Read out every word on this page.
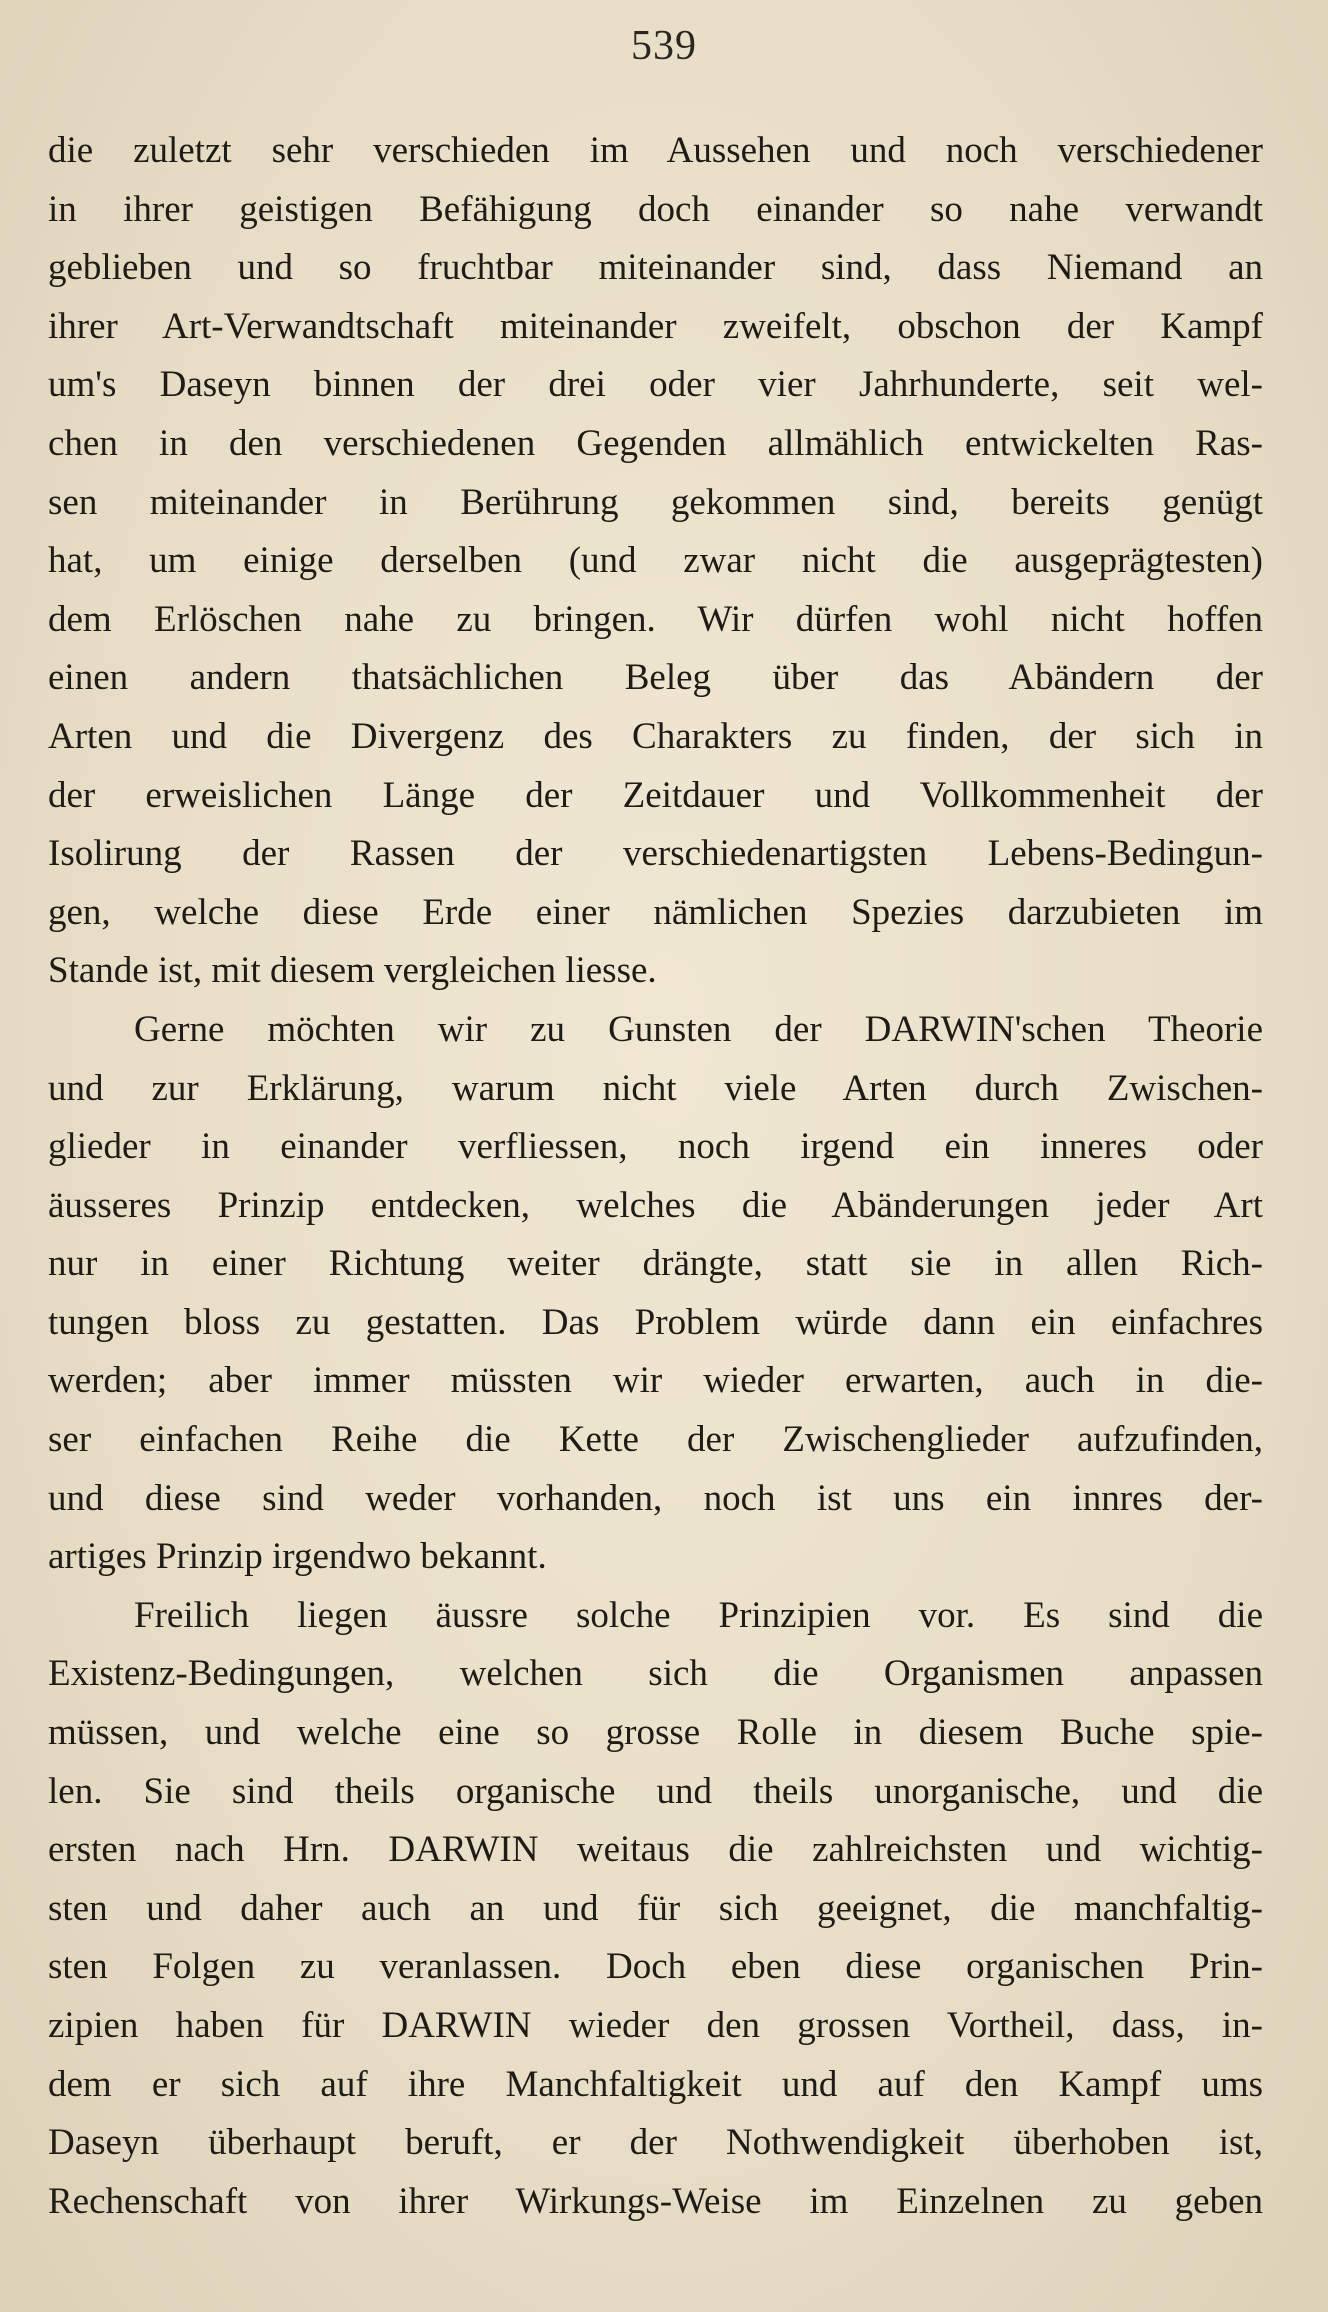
539
die zuletzt sehr verschieden im Aussehen und noch verschiedener
in ihrer geistigen Befähigung doch einander so nahe verwandt
geblieben und so fruchtbar miteinander sind, dass Niemand an
ihrer Art-Verwandtschaft miteinander zweifelt, obschon der Kampf
um's Daseyn binnen der drei oder vier Jahrhunderte, seit wel-
chen in den verschiedenen Gegenden allmählich entwickelten Ras-
sen miteinander in Berührung gekommen sind, bereits genügt
hat, um einige derselben (und zwar nicht die ausgeprägtesten)
dem Erlöschen nahe zu bringen. Wir dürfen wohl nicht hoffen
einen andern thatsächlichen Beleg über das Abändern der
Arten und die Divergenz des Charakters zu finden, der sich in
der erweislichen Länge der Zeitdauer und Vollkommenheit der
Isolirung der Rassen der verschiedenartigsten Lebens-Bedingun-
gen, welche diese Erde einer nämlichen Spezies darzubieten im
Stande ist, mit diesem vergleichen liesse.
Gerne möchten wir zu Gunsten der DARWIN'schen Theorie
und zur Erklärung, warum nicht viele Arten durch Zwischen-
glieder in einander verfliessen, noch irgend ein inneres oder
äusseres Prinzip entdecken, welches die Abänderungen jeder Art
nur in einer Richtung weiter drängte, statt sie in allen Rich-
tungen bloss zu gestatten. Das Problem würde dann ein einfachres
werden; aber immer müssten wir wieder erwarten, auch in die-
ser einfachen Reihe die Kette der Zwischenglieder aufzufinden,
und diese sind weder vorhanden, noch ist uns ein innres der-
artiges Prinzip irgendwo bekannt.
Freilich liegen äussre solche Prinzipien vor. Es sind die
Existenz-Bedingungen, welchen sich die Organismen anpassen
müssen, und welche eine so grosse Rolle in diesem Buche spie-
len. Sie sind theils organische und theils unorganische, und die
ersten nach Hrn. DARWIN weitaus die zahlreichsten und wichtig-
sten und daher auch an und für sich geeignet, die manchfaltig-
sten Folgen zu veranlassen. Doch eben diese organischen Prin-
zipien haben für DARWIN wieder den grossen Vortheil, dass, in-
dem er sich auf ihre Manchfaltigkeit und auf den Kampf ums
Daseyn überhaupt beruft, er der Nothwendigkeit überhoben ist,
Rechenschaft von ihrer Wirkungs-Weise im Einzelnen zu geben
